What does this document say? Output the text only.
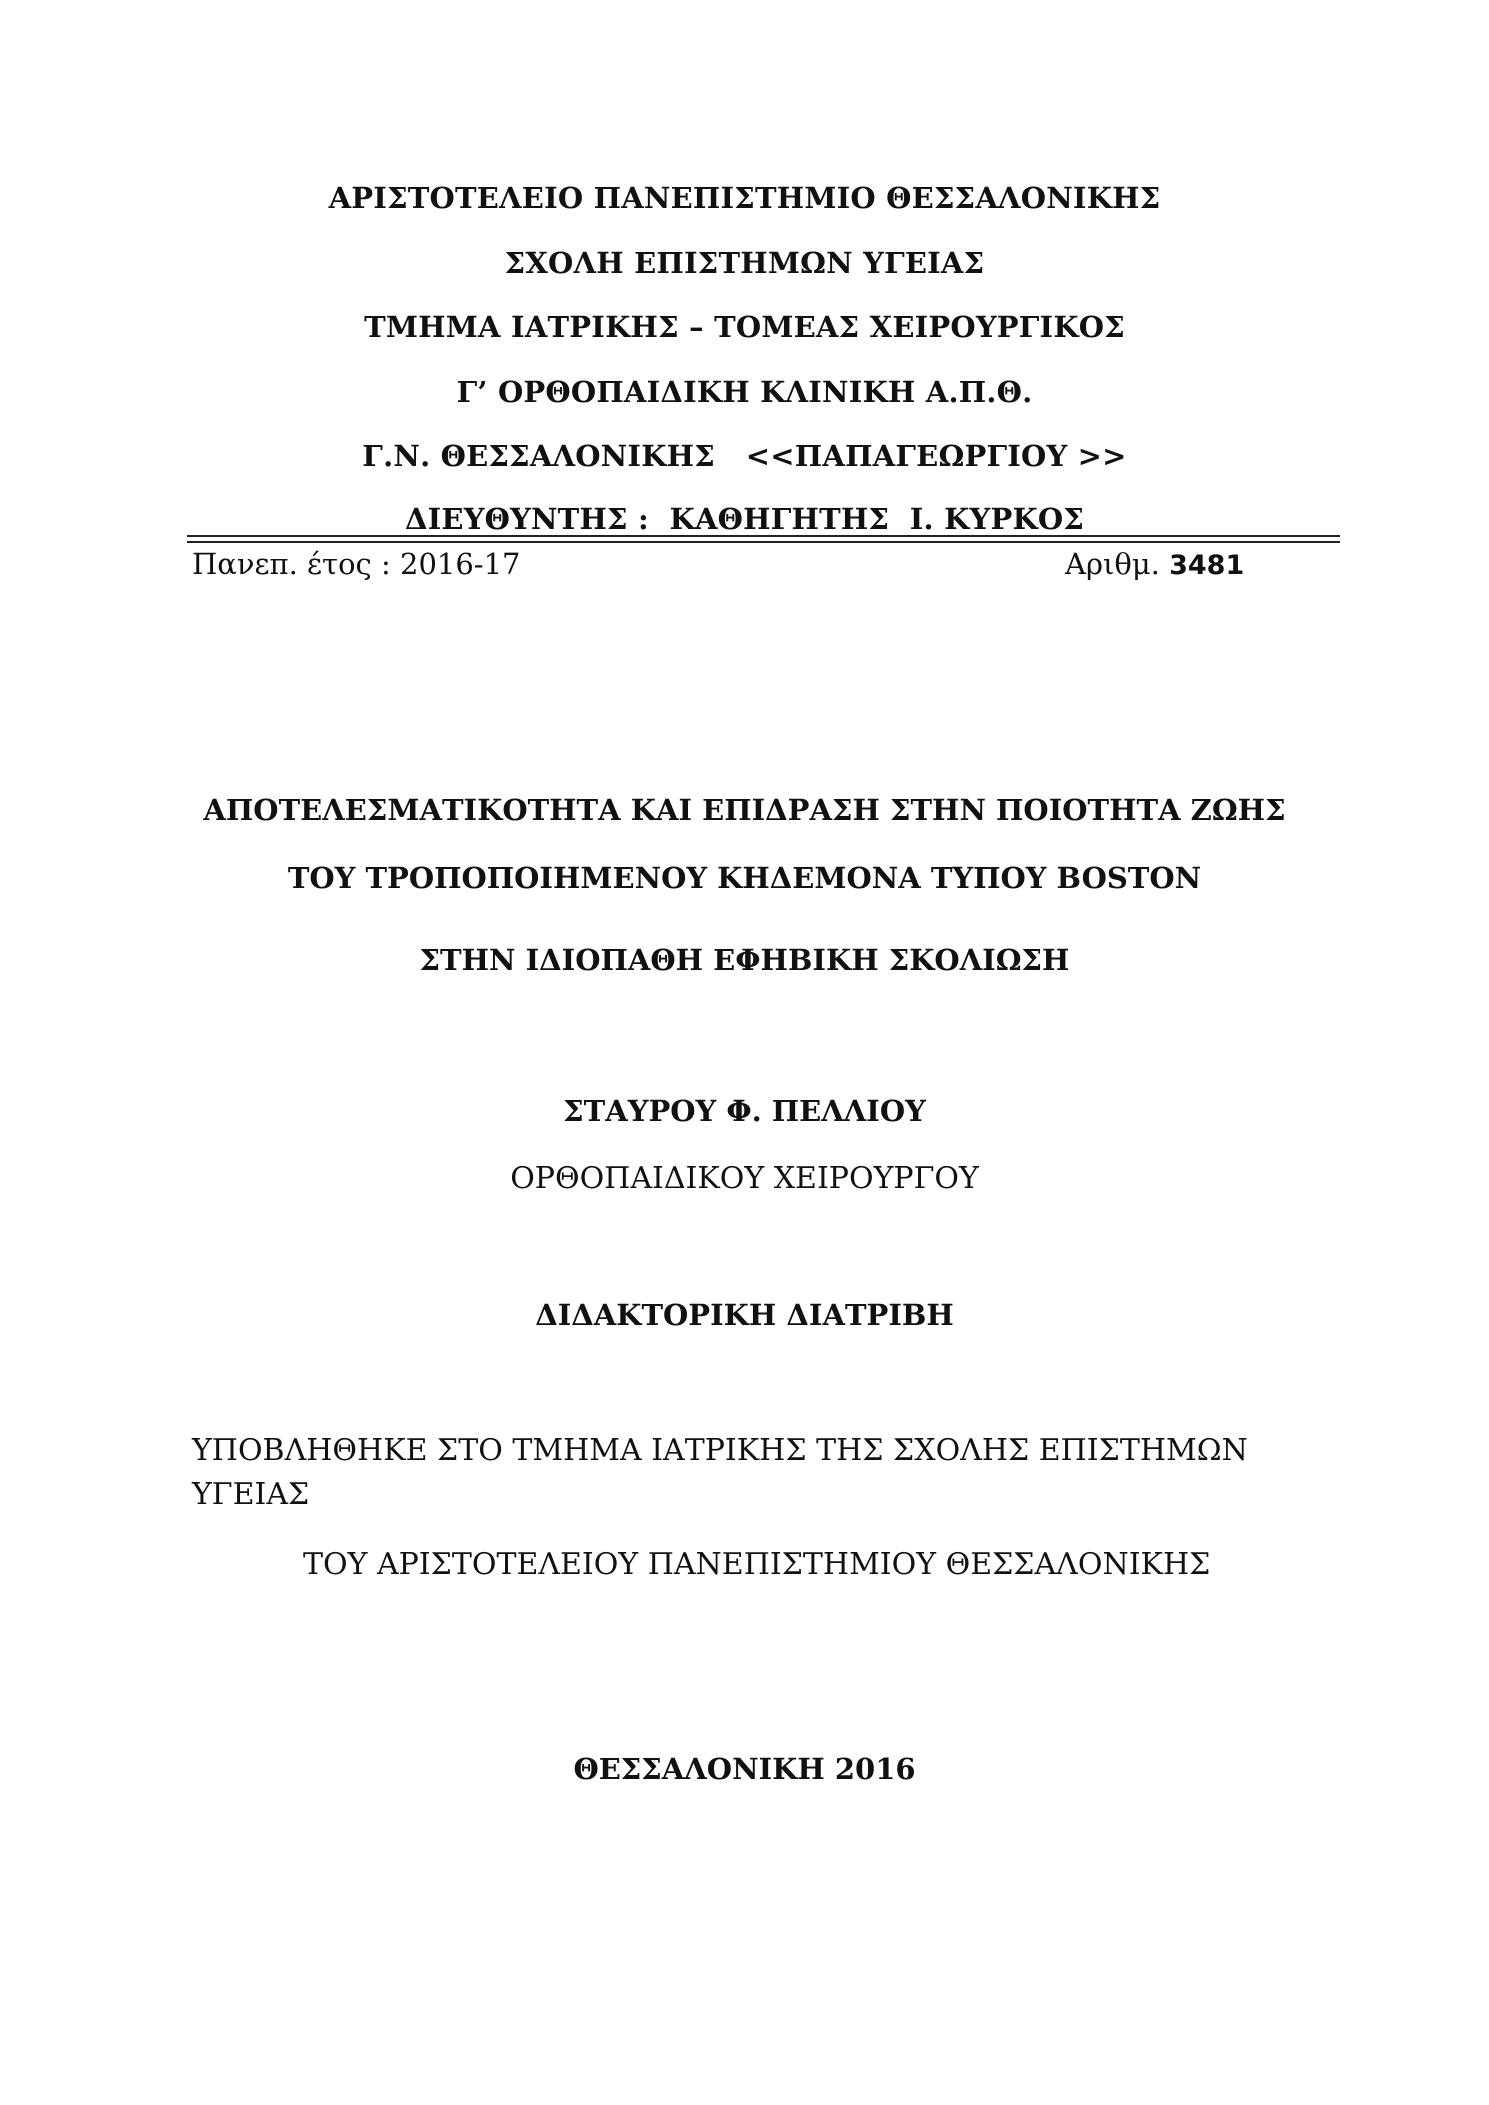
ΑΡΙΣΤΟΤΕΛΕΙΟ ΠΑΝΕΠΙΣΤΗΜΙΟ ΘΕΣΣΑΛΟΝΙΚΗΣ
ΣΧΟΛΗ ΕΠΙΣΤΗΜΩΝ ΥΓΕΙΑΣ
ΤΜΗΜΑ ΙΑΤΡΙΚΗΣ – ΤΟΜΕΑΣ ΧΕΙΡΟΥΡΓΙΚΟΣ
Γ’ ΟΡΘΟΠΑΙΔΙΚΗ ΚΛΙΝΙΚΗ Α.Π.Θ.
Γ.Ν. ΘΕΣΣΑΛΟΝΙΚΗΣ   <<ΠΑΠΑΓΕΩΡΓΙΟΥ >>
ΔΙΕΥΘΥΝΤΗΣ :  ΚΑΘΗΓΗΤΗΣ  Ι. ΚΥΡΚΟΣ
Πανεπ. έτος : 2016-17	Αριθμ. 3481
ΑΠΟΤΕΛΕΣΜΑΤΙΚΟΤΗΤΑ ΚΑΙ ΕΠΙΔΡΑΣΗ ΣΤΗΝ ΠΟΙΟΤΗΤΑ ΖΩΗΣ
ΤΟΥ ΤΡΟΠΟΠΟΙΗΜΕΝΟΥ ΚΗΔΕΜΟΝΑ ΤΥΠΟΥ BOSTON
ΣΤΗΝ ΙΔΙΟΠΑΘΗ ΕΦΗΒΙΚΗ ΣΚΟΛΙΩΣΗ
ΣΤΑΥΡΟΥ Φ. ΠΕΛΛΙΟΥ
ΟΡΘΟΠΑΙΔΙΚΟΥ ΧΕΙΡΟΥΡΓΟΥ
ΔΙΔΑΚΤΟΡΙΚΗ ΔΙΑΤΡΙΒΗ
ΥΠΟΒΛΗΘΗΚΕ ΣΤΟ ΤΜΗΜΑ ΙΑΤΡΙΚΗΣ ΤΗΣ ΣΧΟΛΗΣ ΕΠΙΣΤΗΜΩΝ
ΥΓΕΙΑΣ
ΤΟΥ ΑΡΙΣΤΟΤΕΛΕΙΟΥ ΠΑΝΕΠΙΣΤΗΜΙΟΥ ΘΕΣΣΑΛΟΝΙΚΗΣ
ΘΕΣΣΑΛΟΝΙΚΗ 2016
